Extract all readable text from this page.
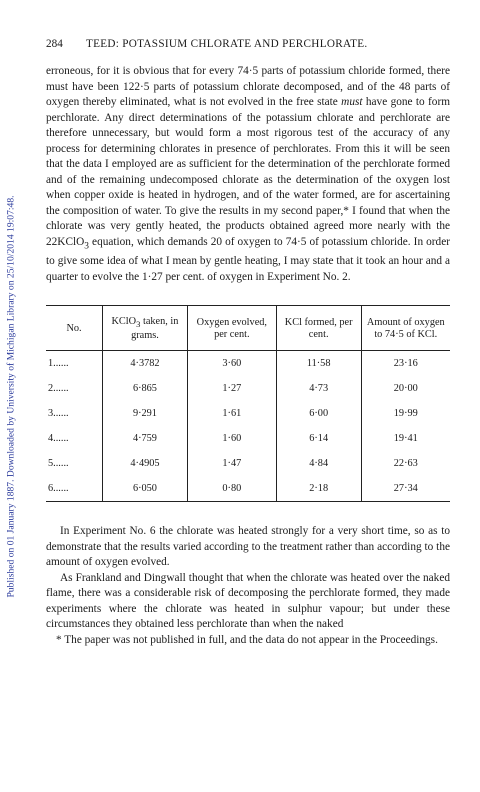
Published on 01 January 1887. Downloaded by University of Michigan Library on 25/10/2014 19:07:48.
284	TEED: POTASSIUM CHLORATE AND PERCHLORATE.

erroneous, for it is obvious that for every 74·5 parts of potassium chloride formed, there must have been 122·5 parts of potassium chlorate decomposed, and of the 48 parts of oxygen thereby eliminated, what is not evolved in the free state must have gone to form perchlorate. Any direct determinations of the potassium chlorate and perchlorate are therefore unnecessary, but would form a most rigorous test of the accuracy of any process for determining chlorates in presence of perchlorates. From this it will be seen that the data I employed are as sufficient for the determination of the perchlorate formed and of the remaining undecomposed chlorate as the determination of the oxygen lost when copper oxide is heated in hydrogen, and of the water formed, are for ascertaining the composition of water. To give the results in my second paper,* I found that when the chlorate was very gently heated, the products obtained agreed more nearly with the 22KClO$_3$ equation, which demands 20 of oxygen to 74·5 of potassium chloride. In order to give some idea of what I mean by gentle heating, I may state that it took an hour and a quarter to evolve the 1·27 per cent. of oxygen in Experiment No. 2.

No.	KClO$_3$ taken, in grams.	Oxygen evolved, per cent.	KCl formed, per cent.	Amount of oxygen to 74·5 of KCl.
1......	4·3782	3·60	11·58	23·16
2......	6·865	1·27	4·73	20·00
3......	9·291	1·61	6·00	19·99
4......	4·759	1·60	6·14	19·41
5......	4·4905	1·47	4·84	22·63
6......	6·050	0·80	2·18	27·34

In Experiment No. 6 the chlorate was heated strongly for a very short time, so as to demonstrate that the results varied according to the treatment rather than according to the amount of oxygen evolved.

As Frankland and Dingwall thought that when the chlorate was heated over the naked flame, there was a considerable risk of decomposing the perchlorate formed, they made experiments where the chlorate was heated in sulphur vapour; but under these circumstances they obtained less perchlorate than when the naked

* The paper was not published in full, and the data do not appear in the Proceedings.
